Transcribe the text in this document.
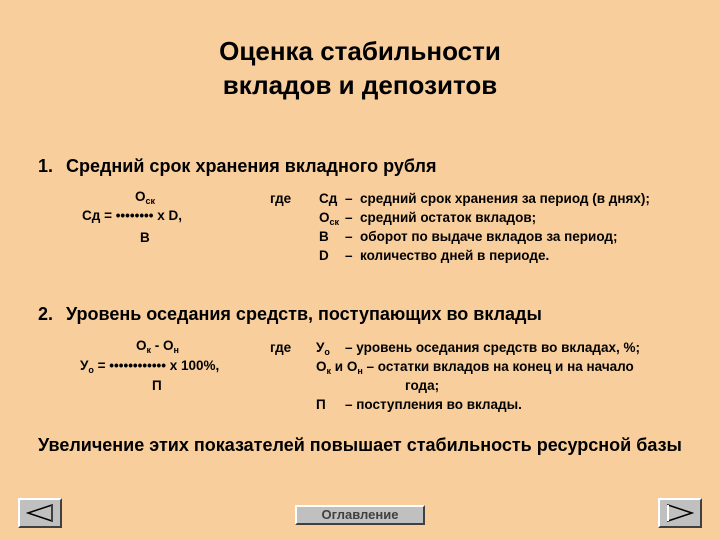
Оценка стабильности
вкладов и депозитов
1. Средний срок хранения вкладного рубля
$О_{ск}$
Сд = •••••••• х D,
В
где Сд – средний срок хранения за период (в днях);
$О_{ск}$ – средний остаток вкладов;
В – оборот по выдаче вкладов за период;
D – количество дней в периоде.
2. Уровень оседания средств, поступающих во вклады
$О_к - О_н$
$У_о$ = •••••••••••• х 100%,
П
где $У_о$ – уровень оседания средств во вкладах, %;
$О_к$ и $О_н$ – остатки вкладов на конец и на начало
года;
П – поступления во вклады.
Увеличение этих показателей повышает стабильность ресурсной базы
Оглавление
